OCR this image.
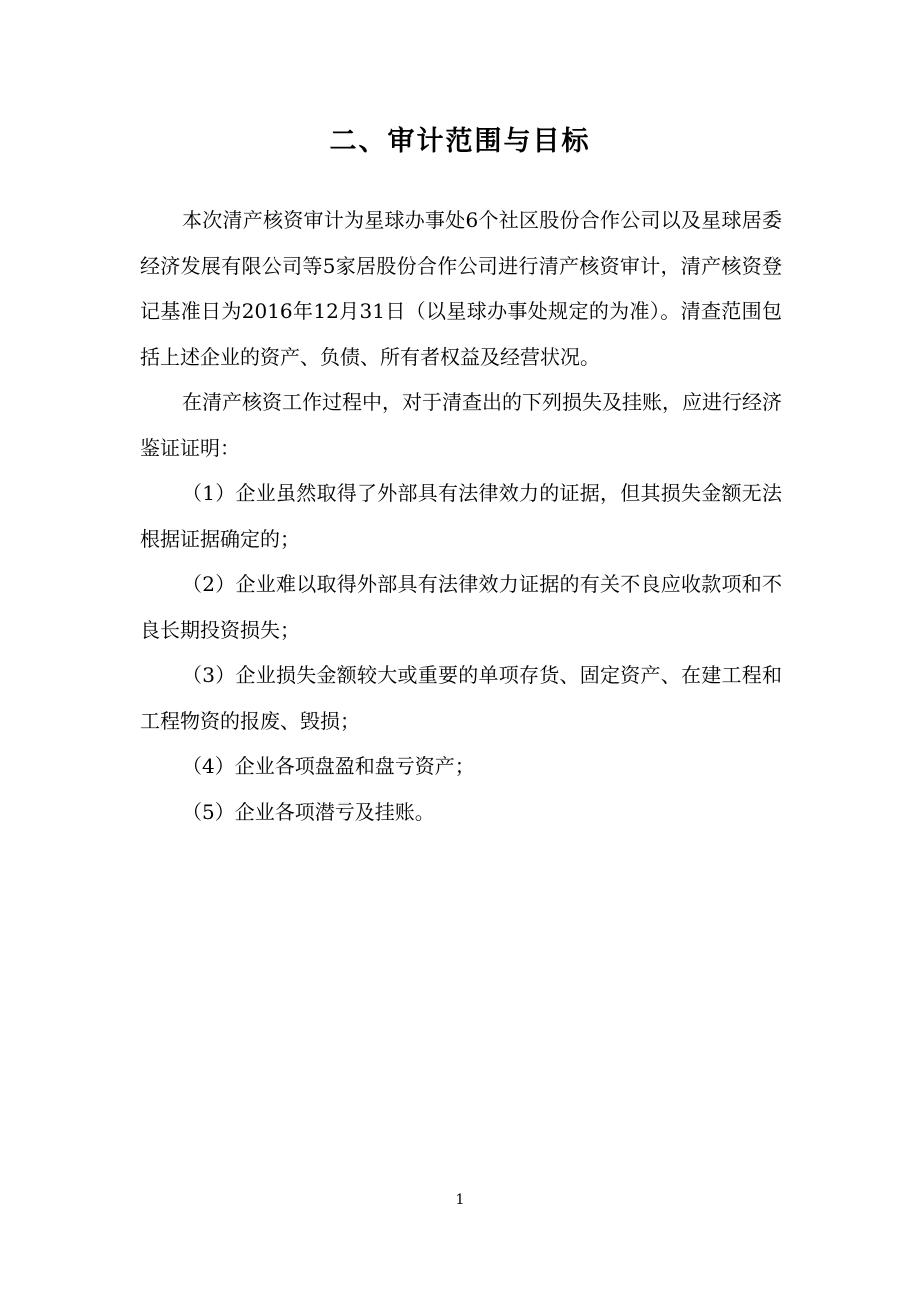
二、审计范围与目标

本次清产核资审计为星球办事处6个社区股份合作公司以及星球居委经济发展有限公司等5家居股份合作公司进行清产核资审计，清产核资登记基准日为2016年12月31日（以星球办事处规定的为准）。清查范围包括上述企业的资产、负债、所有者权益及经营状况。

在清产核资工作过程中，对于清查出的下列损失及挂账，应进行经济鉴证证明：

（1）企业虽然取得了外部具有法律效力的证据，但其损失金额无法根据证据确定的；

（2）企业难以取得外部具有法律效力证据的有关不良应收款项和不良长期投资损失；

（3）企业损失金额较大或重要的单项存货、固定资产、在建工程和工程物资的报废、毁损；

（4）企业各项盘盈和盘亏资产；

（5）企业各项潜亏及挂账。

1
